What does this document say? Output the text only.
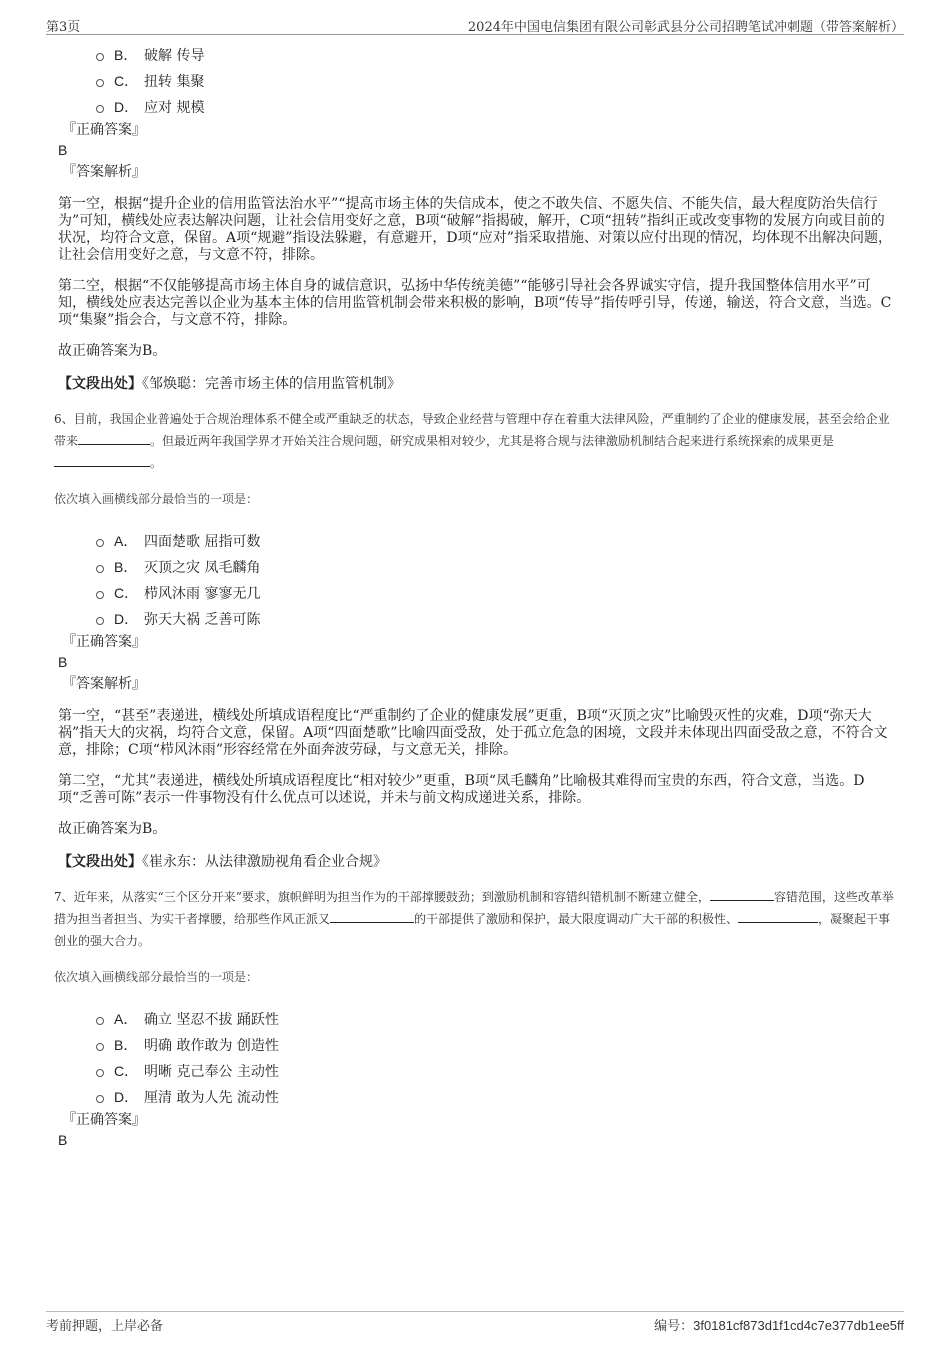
第3页	2024年中国电信集团有限公司彰武县分公司招聘笔试冲刺题（带答案解析）
B． 破解 传导
C． 扭转 集聚
D． 应对 规模
『正确答案』
B
『答案解析』

第一空，根据“提升企业的信用监管法治水平”“提高市场主体的失信成本，使之不敢失信、不愿失信、不能失信，最大程度防治失信行为”可知，横线处应表达解决问题，让社会信用变好之意，B项“破解”指揭破，解开，C项“扭转”指纠正或改变事物的发展方向或目前的状况，均符合文意，保留。A项“规避”指设法躲避，有意避开，D项“应对”指采取措施、对策以应付出现的情况，均体现不出解决问题，让社会信用变好之意，与文意不符，排除。

第二空，根据“不仅能够提高市场主体自身的诚信意识，弘扬中华传统美德”“能够引导社会各界诚实守信，提升我国整体信用水平”可知，横线处应表达完善以企业为基本主体的信用监管机制会带来积极的影响，B项“传导”指传呼引导，传递，输送，符合文意，当选。C项“集聚”指会合，与文意不符，排除。

故正确答案为B。

【文段出处】《邹焕聪：完善市场主体的信用监管机制》
6、目前，我国企业普遍处于合规治理体系不健全或严重缺乏的状态，导致企业经营与管理中存在着重大法律风险，严重制约了企业的健康发展，甚至会给企业带来	。但最近两年我国学界才开始关注合规问题，研究成果相对较少，尤其是将合规与法律激励机制结合起来进行系统探索的成果更是。
依次填入画横线部分最恰当的一项是：
A． 四面楚歌 屈指可数
B． 灭顶之灾 凤毛麟角
C． 栉风沐雨 寥寥无几
D． 弥天大祸 乏善可陈
『正确答案』
B
『答案解析』

第一空，“甚至”表递进，横线处所填成语程度比“严重制约了企业的健康发展”更重，B项“灭顶之灾”比喻毁灭性的灾难，D项“弥天大祸”指天大的灾祸，均符合文意，保留。A项“四面楚歌”比喻四面受敌，处于孤立危急的困境，文段并未体现出四面受敌之意，不符合文意，排除；C项“栉风沐雨”形容经常在外面奔波劳碌，与文意无关，排除。

第二空，“尤其”表递进，横线处所填成语程度比“相对较少”更重，B项“凤毛麟角”比喻极其难得而宝贵的东西，符合文意，当选。D项“乏善可陈”表示一件事物没有什么优点可以述说，并未与前文构成递进关系，排除。

故正确答案为B。

【文段出处】《崔永东：从法律激励视角看企业合规》
7、近年来，从落实“三个区分开来”要求，旗帜鲜明为担当作为的干部撑腰鼓劲；到激励机制和容错纠错机制不断建立健全，	容错范围，这些改革举措为担当者担当、为实干者撑腰，给那些作风正派又	的干部提供了激励和保护，最大限度调动广大干部的积极性、	，凝聚起干事创业的强大合力。
依次填入画横线部分最恰当的一项是：
A． 确立 坚忍不拔 踊跃性
B． 明确 敢作敢为 创造性
C． 明晰 克己奉公 主动性
D． 厘清 敢为人先 流动性
『正确答案』
B
考前押题，上岸必备	编号：3f0181cf873d1f1cd4c7e377db1ee5ff
